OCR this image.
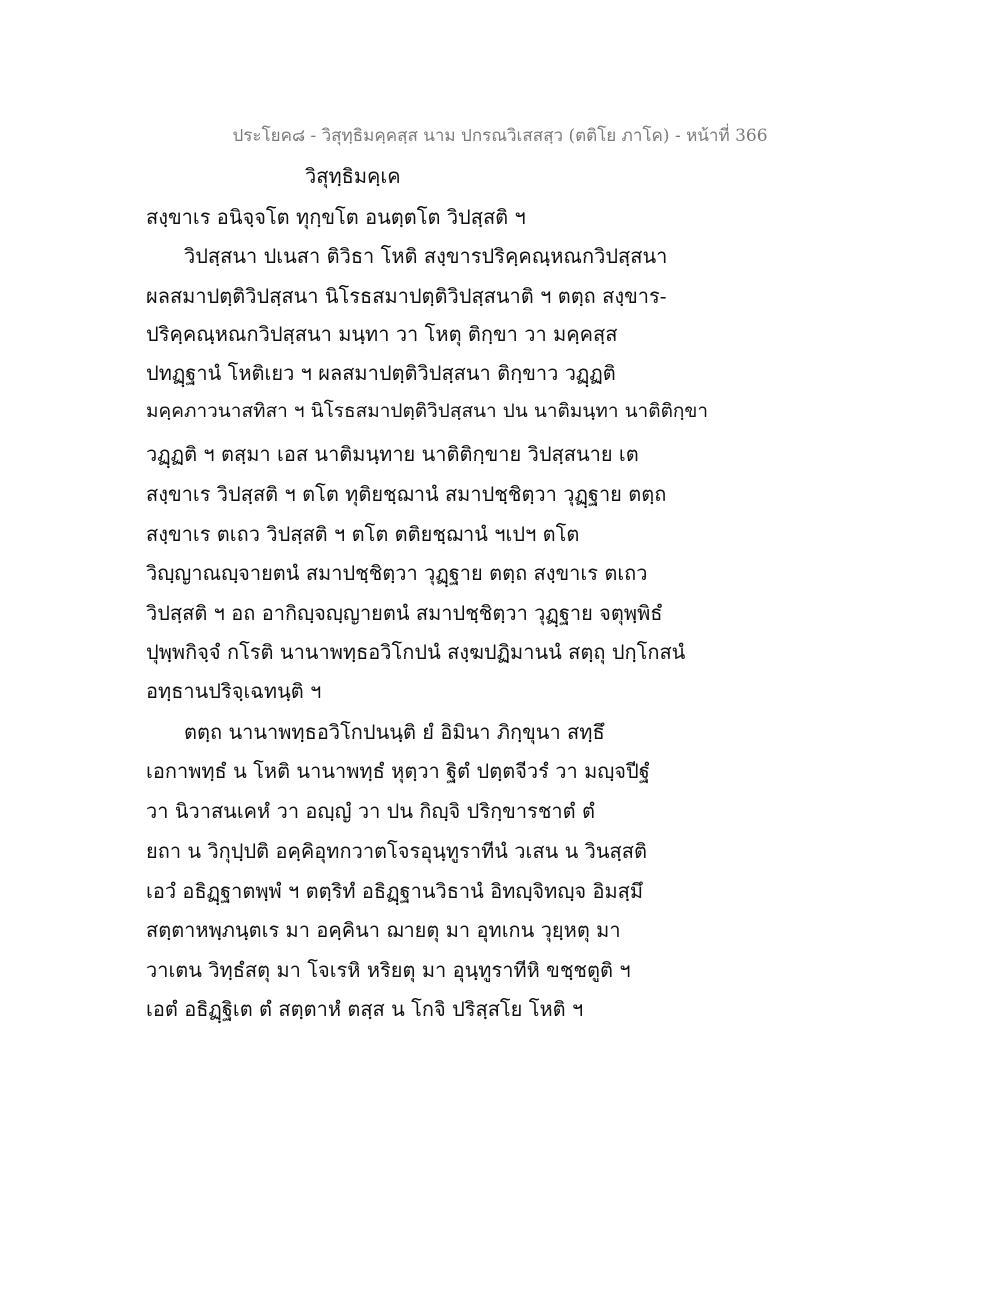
ประโยค๘ - วิสุทฺธิมคฺคสฺส นาม ปกรณวิเสสสฺว (ตติโย ภาโค) - หน้าที่ 366
วิสุทฺธิมคฺเค
สงฺขาเร อนิจฺจโต ทุกฺขโต อนตฺตโต วิปสฺสติ ฯ
วิปสฺสนา ปเนสา ติวิธา โหติ สงฺขารปริคฺคณฺหณกวิปสฺสนา
ผลสมาปตฺติวิปสฺสนา นิโรธสมาปตฺติวิปสฺสนาติ ฯ ตตฺถ สงฺขาร-
ปริคฺคณฺหณกวิปสฺสนา มนฺทา วา โหตุ ติกฺขา วา มคฺคสฺส
ปทฏฺฐานํ โหติเยว ฯ ผลสมาปตฺติวิปสฺสนา ติกฺขาว วฏฺฏติ
มคฺคภาวนาสทิสา ฯ นิโรธสมาปตฺติวิปสฺสนา ปน นาติมนฺทา นาติติกฺขา
วฏฺฏติ ฯ ตสฺมา เอส นาติมนฺทาย นาติติกฺขาย วิปสฺสนาย เต
สงฺขาเร วิปสฺสติ ฯ ตโต ทุติยชฺฌานํ สมาปชฺชิตฺวา วุฏฺฐาย ตตฺถ
สงฺขาเร ตเถว วิปสฺสติ ฯ ตโต ตติยชฺฌานํ ฯเปฯ ตโต
วิญฺญาณญฺจายตนํ สมาปชฺชิตฺวา วุฏฺฐาย ตตฺถ สงฺขาเร ตเถว
วิปสฺสติ ฯ อถ อากิญฺจญฺญายตนํ สมาปชฺชิตฺวา วุฏฺฐาย จตุพฺพิธํ
ปุพฺพกิจฺจํ กโรติ นานาพทฺธอวิโกปนํ สงฺฆปฏิมานนํ สตฺถุ ปกฺโกสนํ
อทฺธานปริจฺเฉทนฺติ ฯ
ตตฺถ นานาพทฺธอวิโกปนนฺติ ยํ อิมินา ภิกฺขุนา สทฺธึ
เอกาพทฺธํ น โหติ นานาพทฺธํ หุตฺวา ฐิตํ ปตฺตจีวรํ วา มญฺจปีฐํ
วา นิวาสนเคหํ วา อญฺญํ วา ปน กิญฺจิ ปริกฺขารชาตํ ตํ
ยถา น วิกุปฺปติ อคฺคิอุทกวาตโจรอุนฺทูราทีนํ วเสน น วินสฺสติ
เอวํ อธิฏฺฐาตพฺพํ ฯ ตตฺริทํ อธิฏฺฐานวิธานํ อิทญฺจิทญฺจ อิมสฺมึ
สตฺตาหพฺภนฺตเร มา อคฺคินา ฌายตุ มา อุทเกน วุยฺหตุ มา
วาเตน วิทฺธํสตุ มา โจเรหิ หริยตุ มา อุนฺทูราทีหิ ขชฺชตูติ ฯ
เอตํ อธิฏฺฐิเต ตํ สตฺตาหํ ตสฺส น โกจิ ปริสฺสโย โหติ ฯ
